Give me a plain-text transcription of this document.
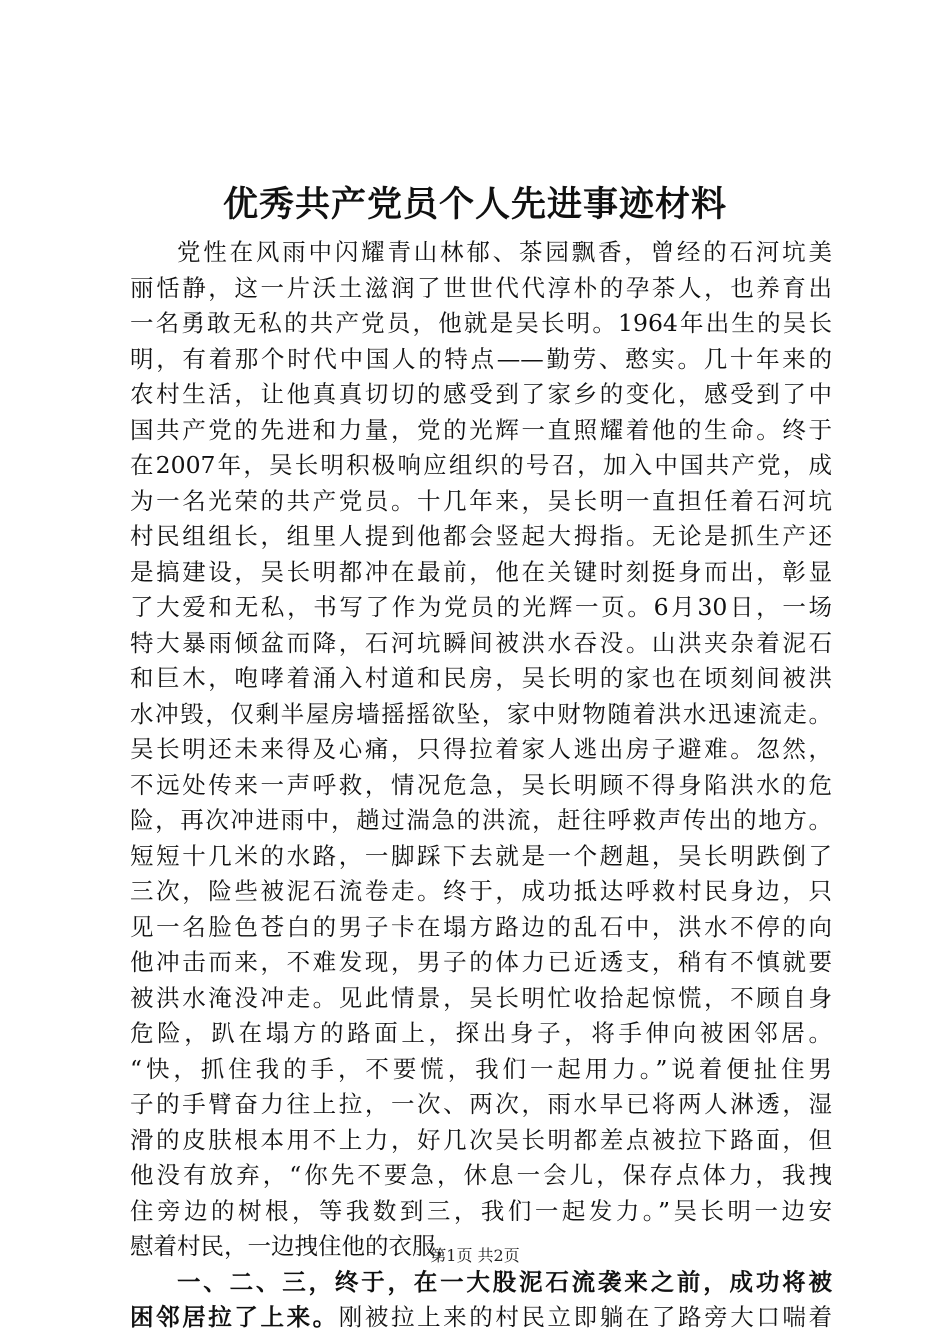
优秀共产党员个人先进事迹材料
党性在风雨中闪耀青山林郁、茶园飘香，曾经的石河坑美
丽恬静，这一片沃土滋润了世世代代淳朴的孕茶人，也养育出
一名勇敢无私的共产党员，他就是吴长明。1964年出生的吴长
明，有着那个时代中国人的特点——勤劳、憨实。几十年来的
农村生活，让他真真切切的感受到了家乡的变化，感受到了中
国共产党的先进和力量，党的光辉一直照耀着他的生命。终于
在2007年，吴长明积极响应组织的号召，加入中国共产党，成
为一名光荣的共产党员。十几年来，吴长明一直担任着石河坑
村民组组长，组里人提到他都会竖起大拇指。无论是抓生产还
是搞建设，吴长明都冲在最前，他在关键时刻挺身而出，彰显
了大爱和无私，书写了作为党员的光辉一页。6月30日，一场
特大暴雨倾盆而降，石河坑瞬间被洪水吞没。山洪夹杂着泥石
和巨木，咆哮着涌入村道和民房，吴长明的家也在顷刻间被洪
水冲毁，仅剩半屋房墙摇摇欲坠，家中财物随着洪水迅速流走。
吴长明还未来得及心痛，只得拉着家人逃出房子避难。忽然，
不远处传来一声呼救，情况危急，吴长明顾不得身陷洪水的危
险，再次冲进雨中，趟过湍急的洪流，赶往呼救声传出的地方。
短短十几米的水路，一脚踩下去就是一个趔趄，吴长明跌倒了
三次，险些被泥石流卷走。终于，成功抵达呼救村民身边，只
见一名脸色苍白的男子卡在塌方路边的乱石中，洪水不停的向
他冲击而来，不难发现，男子的体力已近透支，稍有不慎就要
被洪水淹没冲走。见此情景，吴长明忙收拾起惊慌，不顾自身
危险，趴在塌方的路面上，探出身子，将手伸向被困邻居。
“快，抓住我的手，不要慌，我们一起用力。”说着便扯住男
子的手臂奋力往上拉，一次、两次，雨水早已将两人淋透，湿
滑的皮肤根本用不上力，好几次吴长明都差点被拉下路面，但
他没有放弃，“你先不要急，休息一会儿，保存点体力，我拽
住旁边的树根，等我数到三，我们一起发力。”吴长明一边安
慰着村民，一边拽住他的衣服，
一、二、三，终于，在一大股泥石流袭来之前，成功将被
困邻居拉了上来。刚被拉上来的村民立即躺在了路旁大口喘着
第1页 共2页
